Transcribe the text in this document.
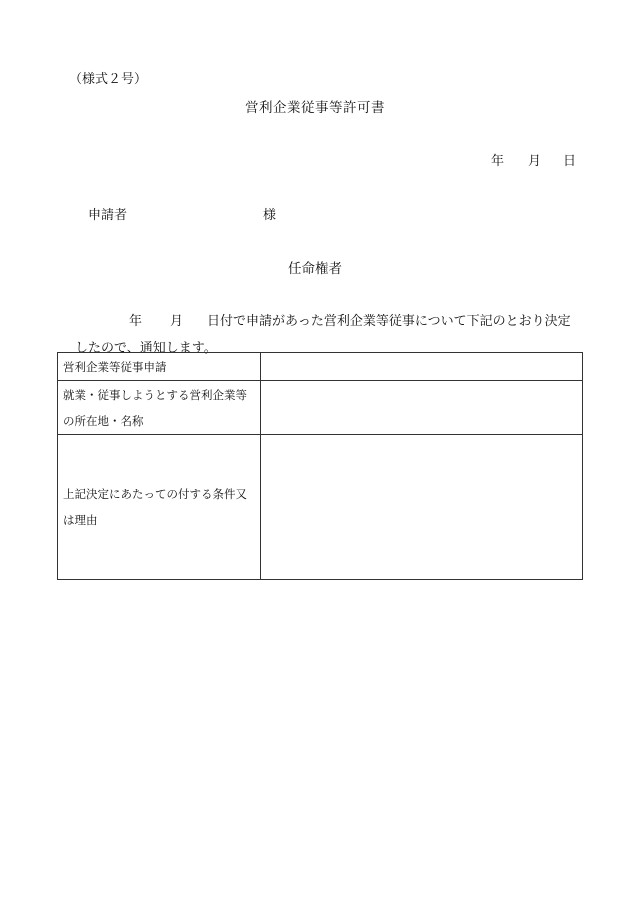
（様式２号）
営利企業従事等許可書
年 月 日
申請者	様
任命権者
年 月 日付で申請があった営利企業等従事について下記のとおり決定
したので、通知します。
営利企業等従事申請	
就業・従事しようとする営利企業等の所在地・名称	
上記決定にあたっての付する条件又は理由	
